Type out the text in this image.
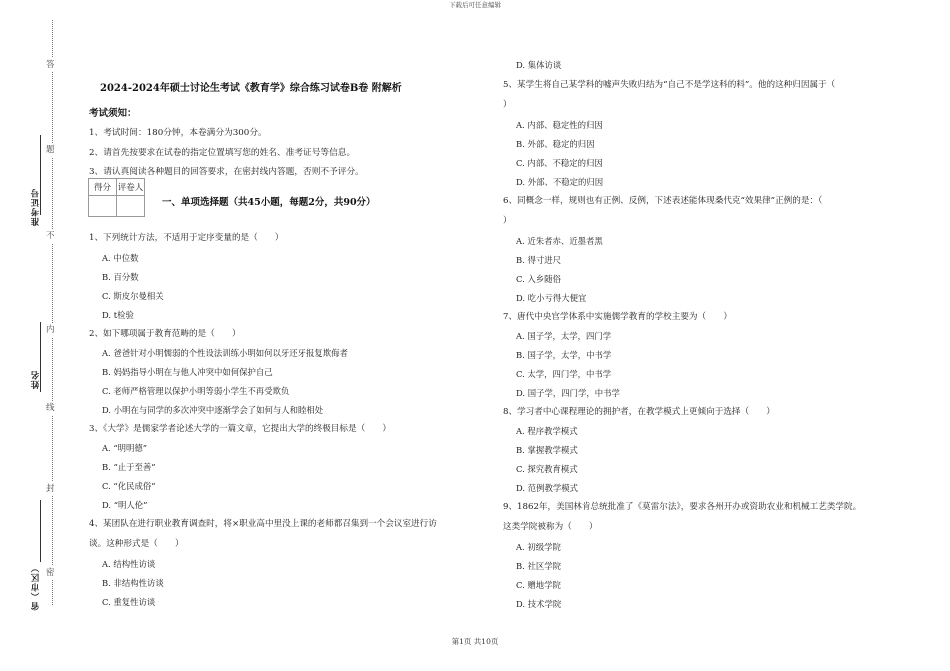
下载后可任意编辑
答
题
不
内
线
封
密
准考证号
姓名
省（市区）
2024-2024年硕士讨论生考试《教育学》综合练习试卷B卷 附解析
考试须知：
1、考试时间：180分钟，本卷满分为300分。
2、请首先按要求在试卷的指定位置填写您的姓名、准考证号等信息。
3、请认真阅读各种题目的回答要求，在密封线内答题，否则不予评分。
得分	评卷人

一、单项选择题（共45小题，每题2分，共90分）
1、下列统计方法，不适用于定序变量的是（　　）
A. 中位数
B. 百分数
C. 斯皮尔曼相关
D. t检验
2、如下哪项属于教育范畴的是（　　）
A. 爸爸针对小明懦弱的个性设法训练小明如何以牙还牙报复欺侮者
B. 妈妈指导小明在与他人冲突中如何保护自己
C. 老师严格管理以保护小明等弱小学生不再受欺负
D. 小明在与同学的多次冲突中逐渐学会了如何与人和睦相处
3、《大学》是儒家学者论述大学的一篇文章，它提出大学的终极目标是（　　）
A. “明明德”
B. “止于至善”
C. “化民成俗”
D. “明人伦”
4、某团队在进行职业教育调查时，将×职业高中里没上课的老师都召集到一个会议室进行访
谈。这种形式是（　　）
A. 结构性访谈
B. 非结构性访谈
C. 重复性访谈
D. 集体访谈
5、某学生将自己某学科的嘘声失败归结为“自己不是学这科的料”。他的这种归因属于（
）
A. 内部、稳定性的归因
B. 外部、稳定的归因
C. 内部、不稳定的归因
D. 外部、不稳定的归因
6、同概念一样，规则也有正例、反例，下述表述能体现桑代克“效果律”正例的是：（
）
A. 近朱者赤、近墨者黑
B. 得寸进尺
C. 入乡随俗
D. 吃小亏得大便宜
7、唐代中央官学体系中实施儒学教育的学校主要为（　　）
A. 国子学，太学，四门学
B. 国子学，太学，中书学
C. 太学，四门学，中书学
D. 国子学，四门学，中书学
8、学习者中心课程理论的拥护者，在教学模式上更倾向于选择（　　）
A. 程序教学模式
B. 掌握教学模式
C. 探究教育模式
D. 范例教学模式
9、1862年，美国林肯总统批准了《莫雷尔法》，要求各州开办或资助农业和机械工艺类学院。
这类学院被称为（　　）
A. 初级学院
B. 社区学院
C. 赠地学院
D. 技术学院
第1页 共10页
